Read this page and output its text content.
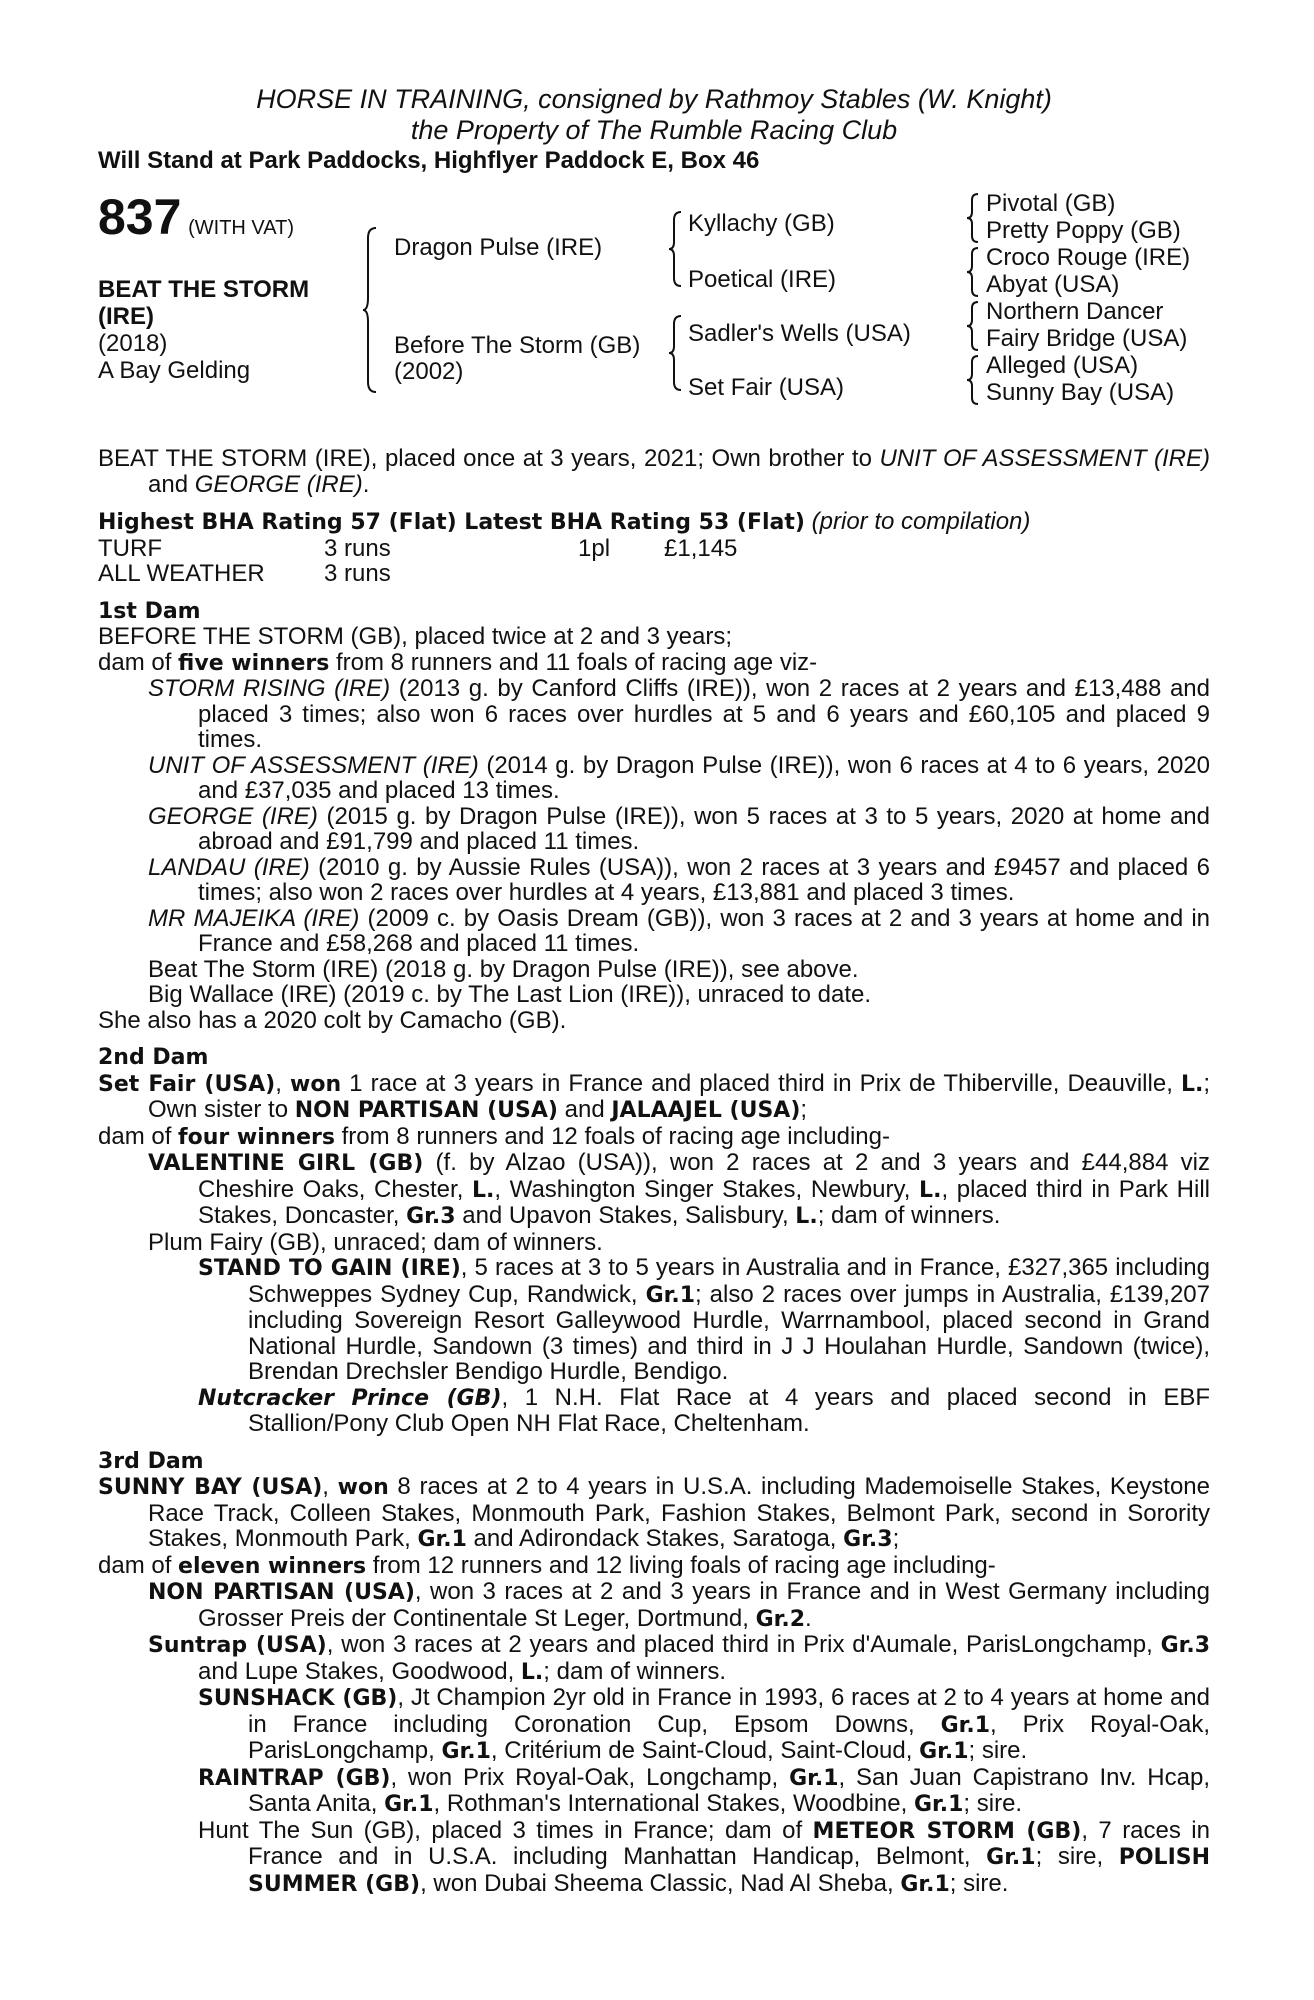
HORSE IN TRAINING, consigned by Rathmoy Stables (W. Knight)
the Property of The Rumble Racing Club
Will Stand at Park Paddocks, Highflyer Paddock E, Box 46
837 (WITH VAT)
BEAT THE STORM
(IRE)
(2018)
A Bay Gelding
Dragon Pulse (IRE)
Before The Storm (GB)
(2002)
Kyllachy (GB)
Poetical (IRE)
Sadler's Wells (USA)
Set Fair (USA)
Pivotal (GB)
Pretty Poppy (GB)
Croco Rouge (IRE)
Abyat (USA)
Northern Dancer
Fairy Bridge (USA)
Alleged (USA)
Sunny Bay (USA)

BEAT THE STORM (IRE), placed once at 3 years, 2021; Own brother to UNIT OF ASSESSMENT (IRE) and GEORGE (IRE).

Highest BHA Rating 57 (Flat) Latest BHA Rating 53 (Flat) (prior to compilation)
TURF	3 runs	1pl £1,145
ALL WEATHER 3 runs
1st Dam

BEFORE THE STORM (GB), placed twice at 2 and 3 years;

dam of five winners from 8 runners and 11 foals of racing age viz-

STORM RISING (IRE) (2013 g. by Canford Cliffs (IRE)), won 2 races at 2 years and £13,488 and placed 3 times; also won 6 races over hurdles at 5 and 6 years and £60,105 and placed 9 times.

UNIT OF ASSESSMENT (IRE) (2014 g. by Dragon Pulse (IRE)), won 6 races at 4 to 6 years, 2020 and £37,035 and placed 13 times.

GEORGE (IRE) (2015 g. by Dragon Pulse (IRE)), won 5 races at 3 to 5 years, 2020 at home and abroad and £91,799 and placed 11 times.

LANDAU (IRE) (2010 g. by Aussie Rules (USA)), won 2 races at 3 years and £9457 and placed 6 times; also won 2 races over hurdles at 4 years, £13,881 and placed 3 times.

MR MAJEIKA (IRE) (2009 c. by Oasis Dream (GB)), won 3 races at 2 and 3 years at home and in France and £58,268 and placed 11 times.

Beat The Storm (IRE) (2018 g. by Dragon Pulse (IRE)), see above.

Big Wallace (IRE) (2019 c. by The Last Lion (IRE)), unraced to date.

She also has a 2020 colt by Camacho (GB).

2nd Dam

Set Fair (USA), won 1 race at 3 years in France and placed third in Prix de Thiberville, Deauville, L.; Own sister to NON PARTISAN (USA) and JALAAJEL (USA);

dam of four winners from 8 runners and 12 foals of racing age including-

VALENTINE GIRL (GB) (f. by Alzao (USA)), won 2 races at 2 and 3 years and £44,884 viz Cheshire Oaks, Chester, L., Washington Singer Stakes, Newbury, L., placed third in Park Hill Stakes, Doncaster, Gr.3 and Upavon Stakes, Salisbury, L.; dam of winners.

Plum Fairy (GB), unraced; dam of winners.

STAND TO GAIN (IRE), 5 races at 3 to 5 years in Australia and in France, £327,365 including Schweppes Sydney Cup, Randwick, Gr.1; also 2 races over jumps in Australia, £139,207 including Sovereign Resort Galleywood Hurdle, Warrnambool, placed second in Grand National Hurdle, Sandown (3 times) and third in J J Houlahan Hurdle, Sandown (twice), Brendan Drechsler Bendigo Hurdle, Bendigo.

Nutcracker Prince (GB), 1 N.H. Flat Race at 4 years and placed second in EBF Stallion/Pony Club Open NH Flat Race, Cheltenham.

3rd Dam

SUNNY BAY (USA), won 8 races at 2 to 4 years in U.S.A. including Mademoiselle Stakes, Keystone Race Track, Colleen Stakes, Monmouth Park, Fashion Stakes, Belmont Park, second in Sorority Stakes, Monmouth Park, Gr.1 and Adirondack Stakes, Saratoga, Gr.3;

dam of eleven winners from 12 runners and 12 living foals of racing age including-

NON PARTISAN (USA), won 3 races at 2 and 3 years in France and in West Germany including Grosser Preis der Continentale St Leger, Dortmund, Gr.2.

Suntrap (USA), won 3 races at 2 years and placed third in Prix d'Aumale, ParisLongchamp, Gr.3 and Lupe Stakes, Goodwood, L.; dam of winners.

SUNSHACK (GB), Jt Champion 2yr old in France in 1993, 6 races at 2 to 4 years at home and in France including Coronation Cup, Epsom Downs, Gr.1, Prix Royal-Oak, ParisLongchamp, Gr.1, Critérium de Saint-Cloud, Saint-Cloud, Gr.1; sire.

RAINTRAP (GB), won Prix Royal-Oak, Longchamp, Gr.1, San Juan Capistrano Inv. Hcap, Santa Anita, Gr.1, Rothman's International Stakes, Woodbine, Gr.1; sire.

Hunt The Sun (GB), placed 3 times in France; dam of METEOR STORM (GB), 7 races in France and in U.S.A. including Manhattan Handicap, Belmont, Gr.1; sire, POLISH SUMMER (GB), won Dubai Sheema Classic, Nad Al Sheba, Gr.1; sire.
